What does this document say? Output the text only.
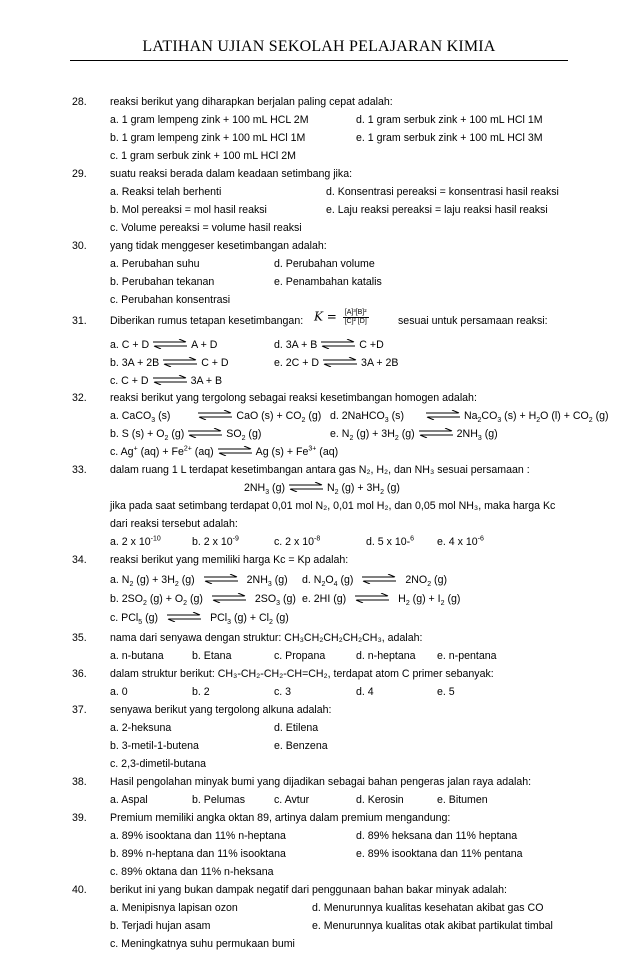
LATIHAN UJIAN SEKOLAH PELAJARAN KIMIA
28. reaksi berikut yang diharapkan berjalan paling cepat adalah:
a. 1 gram lempeng zink + 100 mL HCL 2M	d. 1 gram serbuk zink + 100 mL HCl 1M
b. 1 gram lempeng zink + 100 mL HCl 1M	e. 1 gram serbuk zink + 100 mL HCl 3M
c. 1 gram serbuk zink + 100 mL HCl 2M
29. suatu reaksi berada dalam keadaan setimbang jika:
a. Reaksi telah berhenti	d. Konsentrasi pereaksi = konsentrasi hasil reaksi
b. Mol pereaksi = mol hasil reaksi	e. Laju reaksi pereaksi = laju reaksi hasil reaksi
c. Volume pereaksi = volume hasil reaksi
30. yang tidak menggeser kesetimbangan adalah:
a. Perubahan suhu	d. Perubahan volume
b. Perubahan tekanan	e. Penambahan katalis
c. Perubahan konsentrasi
31. Diberikan rumus tetapan kesetimbangan: $K = \frac{\text{[A]³[B]²}}{\text{[C]² [D]}}$	sesuai untuk persamaan reaksi:
a. C + D	A + D	d. 3A + B	C +D
b. 3A + 2B	C + D	e. 2C + D	3A + 2B
c. C + D	3A + B
32. reaksi berikut yang tergolong sebagai reaksi kesetimbangan homogen adalah:
a. CaCO$_3$ (s)	CaO $(s) + CO_2$ (g) d. 2NaHCO$_3$ (s)	$Na_2CO_3$ $(s) + H_2O$ $(l) + CO_2$ (g)
b. S $(s) + O_2$ (g)	$SO_2$ (g)	e. $N_2$ $(g) + 3H_2$ (g)	$2NH_3$ (g)
c. Ag+ $(aq) + Fe^{2+}$ (aq)	Ag $(s) + Fe^{3+}$ (aq)
33. dalam ruang 1 L terdapat kesetimbangan antara gas N₂, H₂, dan NH₃ sesuai persamaan :
$2NH_3$ (g)	$N_2$ $(g) + 3H_2$ (g)
jika pada saat setimbang terdapat 0,01 mol N₂, 0,01 mol H₂, dan 0,05 mol NH₃, maka harga Kc
dari reaksi tersebut adalah:
a. 2 x $10^{-10}$	b. 2 x $10^{-9}$	c. 2 x $10^{-8}$	d. 5 x 10-$^6$ e. 4 x $10^{-6}$
34. reaksi berikut yang memiliki harga Kc = Kp adalah:
a. $N_2$ $(g) + 3H_2$ (g)	$2NH_3$ (g) d. $N_2O_4$ (g)	$2NO_2$ (g)
b. $2SO_2$ $(g) + O_2$ (g)	$2SO_3$ (g) e. 2HI (g)	$H_2$ $(g) + I_2$ (g)
c. PCl$_5$ (g)	PCl$_3$ $(g) + Cl_2$ (g)
35. nama dari senyawa dengan struktur: CH₃CH₂CH₂CH₂CH₃, adalah:
a. n-butana	b. Etana	c. Propana	d. n-heptana e. n-pentana
36. dalam struktur berikut: CH₃-CH₂-CH₂-CH=CH₂, terdapat atom C primer sebanyak:
a. 0	b. 2	c. 3	d. 4	e. 5
37. senyawa berikut yang tergolong alkuna adalah:
a. 2-heksuna	d. Etilena
b. 3-metil-1-butena	e. Benzena
c. 2,3-dimetil-butana
38. Hasil pengolahan minyak bumi yang dijadikan sebagai bahan pengeras jalan raya adalah:
a. Aspal	b. Pelumas	c. Avtur	d. Kerosin	e. Bitumen
39. Premium memiliki angka oktan 89, artinya dalam premium mengandung:
a. 89% isooktana dan 11% n-heptana	d. 89% heksana dan 11% heptana
b. 89% n-heptana dan 11% isooktana	e. 89% isooktana dan 11% pentana
c. 89% oktana dan 11% n-heksana
40. berikut ini yang bukan dampak negatif dari penggunaan bahan bakar minyak adalah:
a. Menipisnya lapisan ozon	d. Menurunnya kualitas kesehatan akibat gas CO
b. Terjadi hujan asam	e. Menurunnya kualitas otak akibat partikulat timbal
c. Meningkatnya suhu permukaan bumi
